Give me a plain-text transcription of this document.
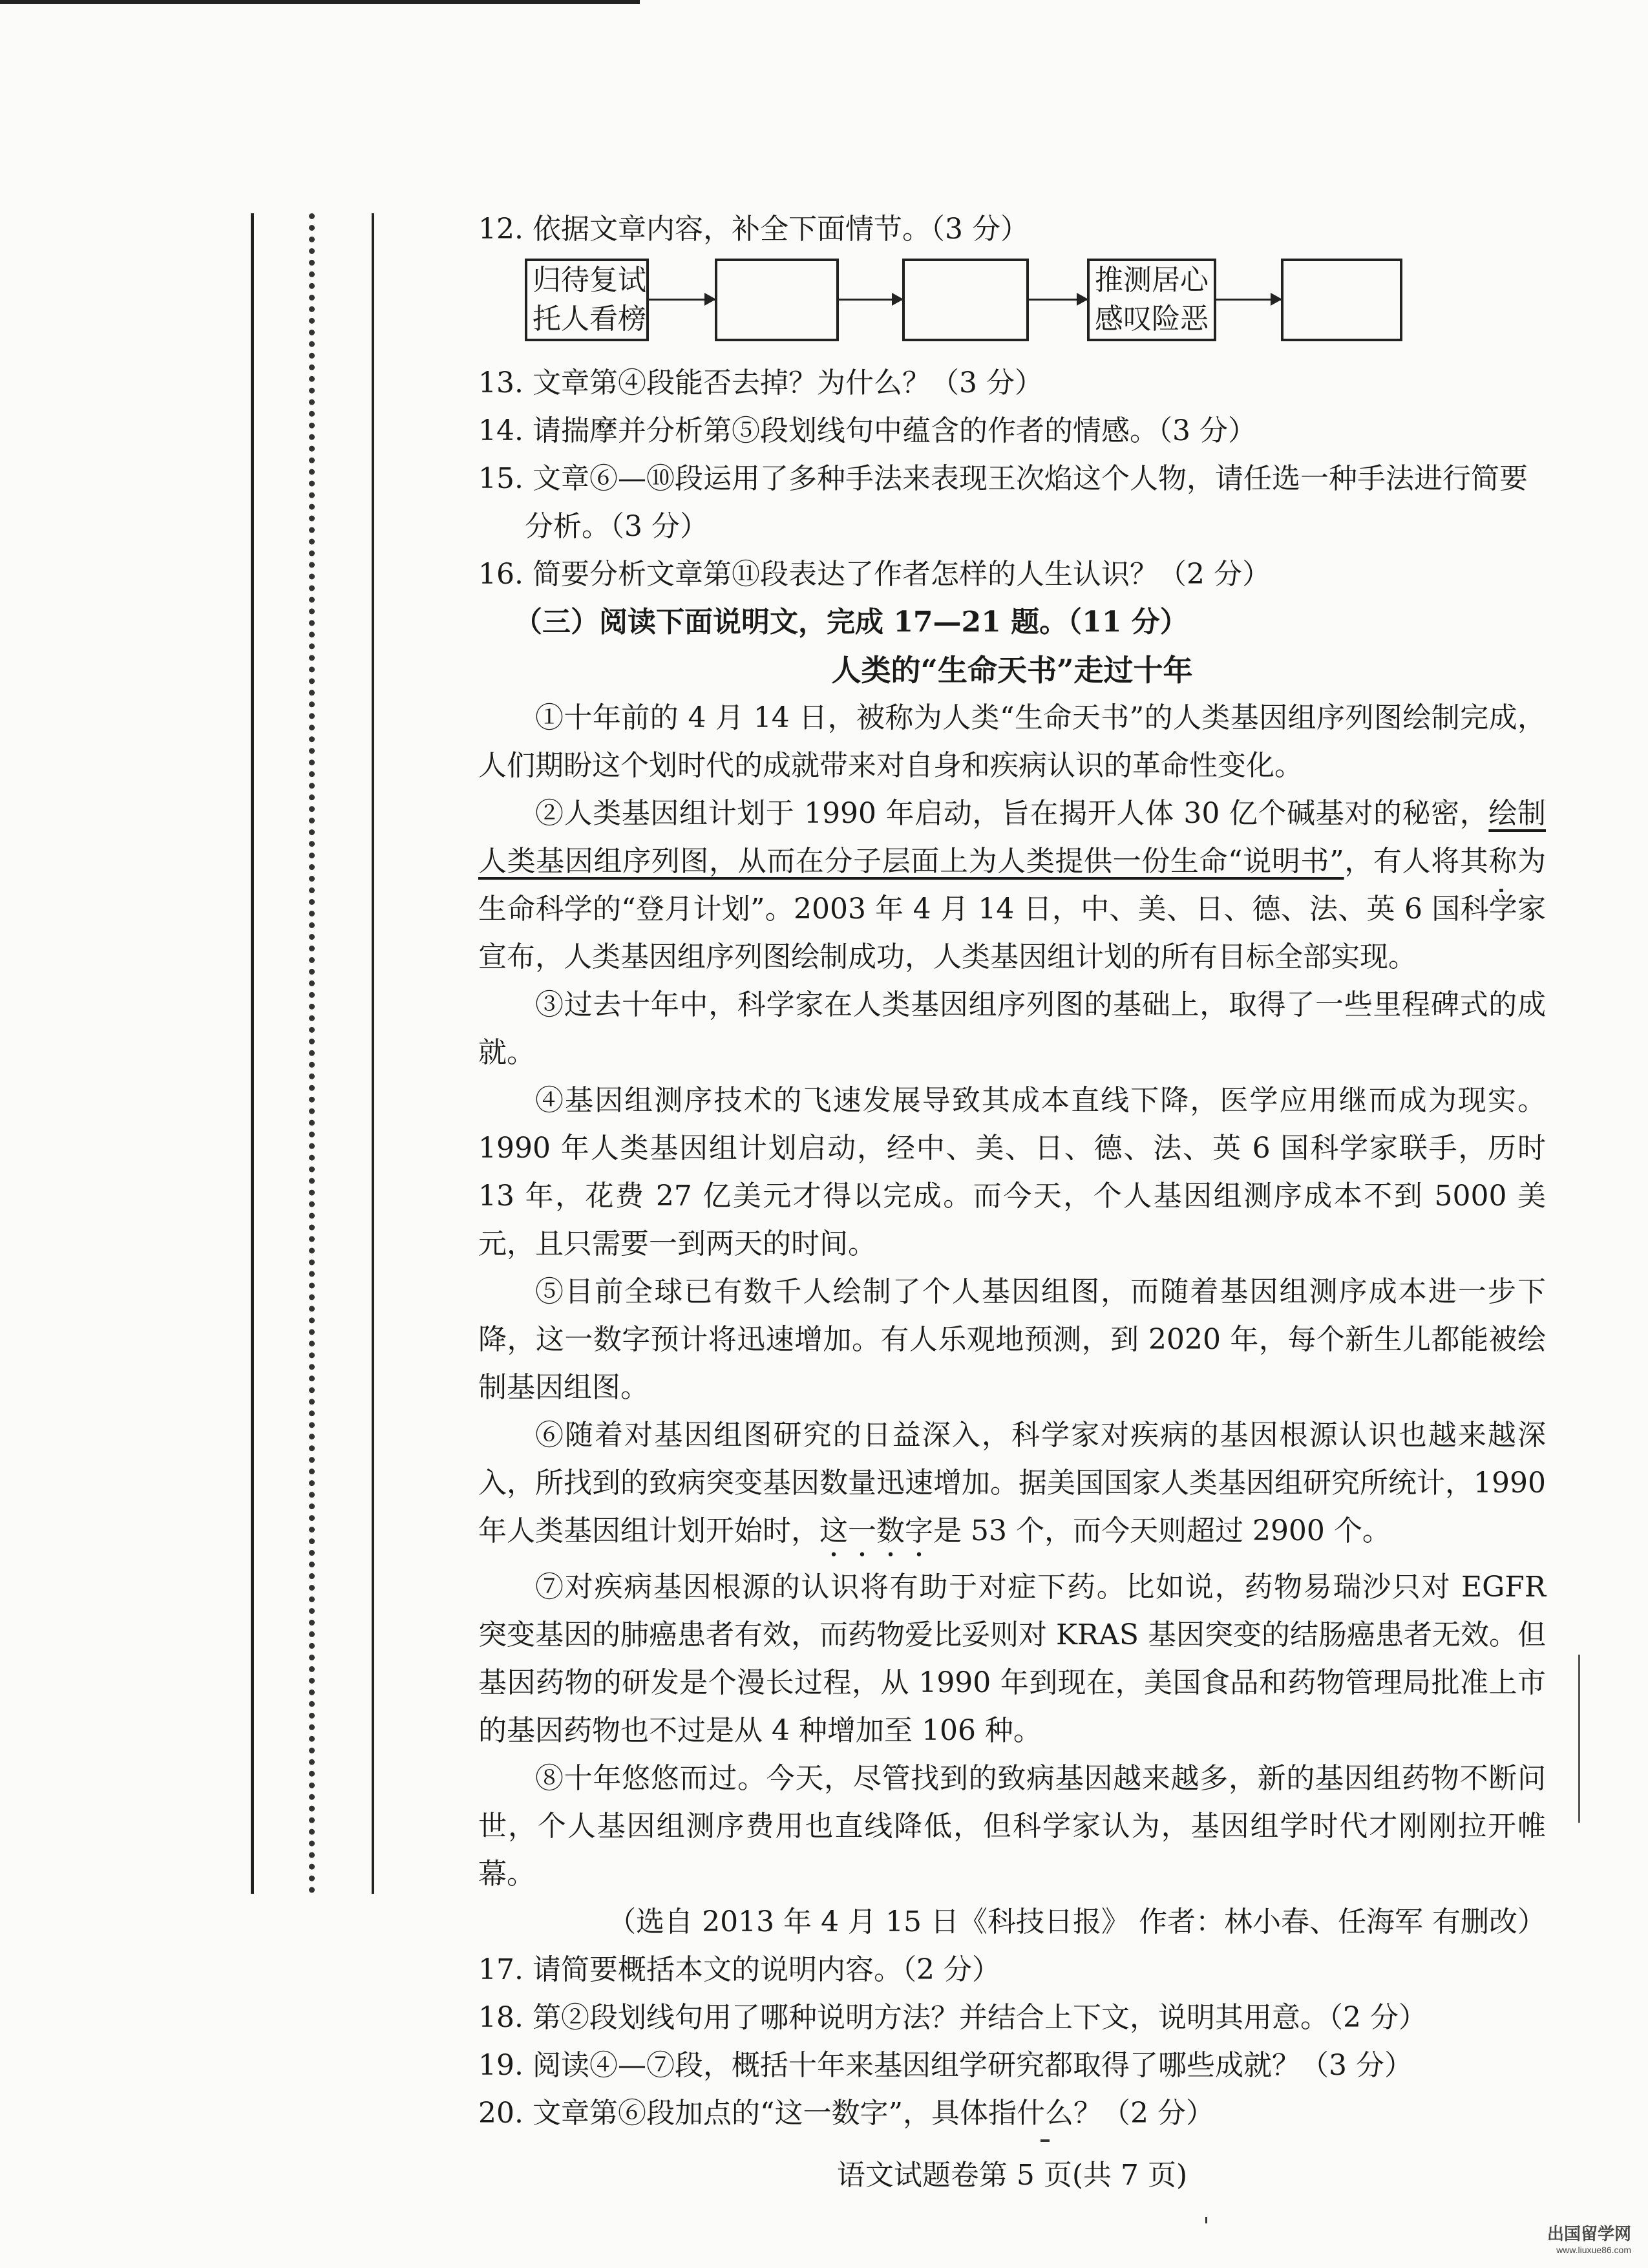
12. 依据文章内容，补全下面情节。（3 分）
归待复试
托人看榜
推测居心
感叹险恶
13. 文章第④段能否去掉？为什么？（3 分）
14. 请揣摩并分析第⑤段划线句中蕴含的作者的情感。（3 分）
15. 文章⑥—⑩段运用了多种手法来表现王次焰这个人物，请任选一种手法进行简要分析。（3 分）
16. 简要分析文章第⑪段表达了作者怎样的人生认识？（2 分）
（三）阅读下面说明文，完成 17—21 题。（11 分）
人类的“生命天书”走过十年
①十年前的 4 月 14 日，被称为人类“生命天书”的人类基因组序列图绘制完成，人们期盼这个划时代的成就带来对自身和疾病认识的革命性变化。
②人类基因组计划于 1990 年启动，旨在揭开人体 30 亿个碱基对的秘密，绘制人类基因组序列图，从而在分子层面上为人类提供一份生命“说明书”，有人将其称为生命科学的“登月计划”。2003 年 4 月 14 日，中、美、日、德、法、英 6 国科学家宣布，人类基因组序列图绘制成功，人类基因组计划的所有目标全部实现。
③过去十年中，科学家在人类基因组序列图的基础上，取得了一些里程碑式的成就。
④基因组测序技术的飞速发展导致其成本直线下降，医学应用继而成为现实。1990 年人类基因组计划启动，经中、美、日、德、法、英 6 国科学家联手，历时 13 年，花费 27 亿美元才得以完成。而今天，个人基因组测序成本不到 5000 美元，且只需要一到两天的时间。
⑤目前全球已有数千人绘制了个人基因组图，而随着基因组测序成本进一步下降，这一数字预计将迅速增加。有人乐观地预测，到 2020 年，每个新生儿都能被绘制基因组图。
⑥随着对基因组图研究的日益深入，科学家对疾病的基因根源认识也越来越深入，所找到的致病突变基因数量迅速增加。据美国国家人类基因组研究所统计，1990 年人类基因组计划开始时，这一数字是 53 个，而今天则超过 2900 个。
⑦对疾病基因根源的认识将有助于对症下药。比如说，药物易瑞沙只对 EGFR 突变基因的肺癌患者有效，而药物爱比妥则对 KRAS 基因突变的结肠癌患者无效。但基因药物的研发是个漫长过程，从 1990 年到现在，美国食品和药物管理局批准上市的基因药物也不过是从 4 种增加至 106 种。
⑧十年悠悠而过。今天，尽管找到的致病基因越来越多，新的基因组药物不断问世，个人基因组测序费用也直线降低，但科学家认为，基因组学时代才刚刚拉开帷幕。
（选自 2013 年 4 月 15 日《科技日报》 作者：林小春、任海军 有删改）
17. 请简要概括本文的说明内容。（2 分）
18. 第②段划线句用了哪种说明方法？并结合上下文，说明其用意。（2 分）
19. 阅读④—⑦段，概括十年来基因组学研究都取得了哪些成就？（3 分）
20. 文章第⑥段加点的“这一数字”，具体指什么？（2 分）
语文试题卷第 5 页(共 7 页)
出国留学网
www.liuxue86.com
